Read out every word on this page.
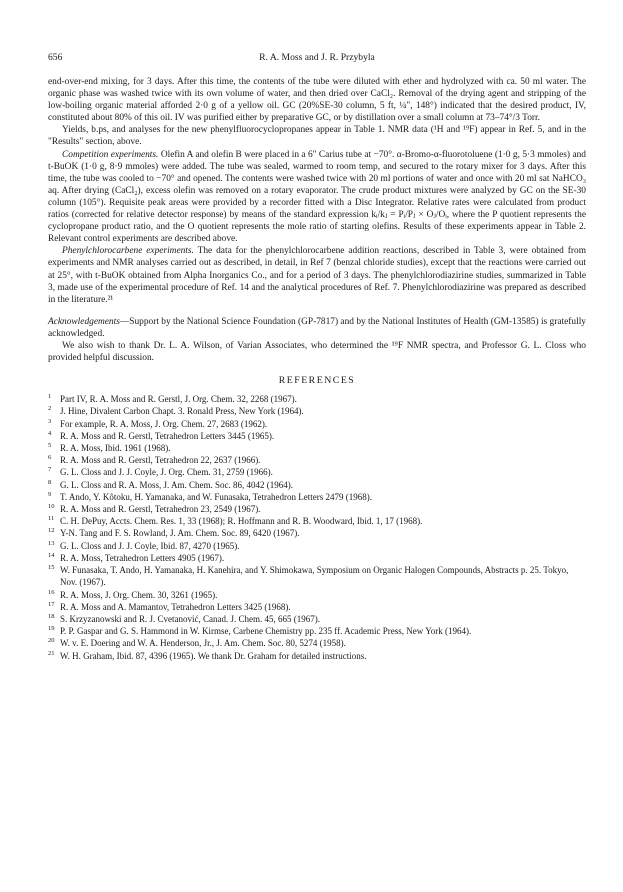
656	R. A. Moss and J. R. Przybyla

end-over-end mixing, for 3 days. After this time, the contents of the tube were diluted with ether and hydrolyzed with ca. 50 ml water. The organic phase was washed twice with its own volume of water, and then dried over CaCl₂. Removal of the drying agent and stripping of the low-boiling organic material afforded 2·0 g of a yellow oil. GC (20%SE-30 column, 5 ft, ¼", 148°) indicated that the desired product, IV, constituted about 80% of this oil. IV was purified either by preparative GC, or by distillation over a small column at 73–74°/3 Torr.

Yields, b.ps, and analyses for the new phenylfluorocyclopropanes appear in Table 1. NMR data (¹H and ¹⁹F) appear in Ref. 5, and in the "Results" section, above.

Competition experiments. Olefin A and olefin B were placed in a 6" Carius tube at −70°. α-Bromo-α-fluorotoluene (1·0 g, 5·3 mmoles) and t-BuOK (1·0 g, 8·9 mmoles) were added. The tube was sealed, warmed to room temp, and secured to the rotary mixer for 3 days. After this time, the tube was cooled to −70° and opened. The contents were washed twice with 20 ml portions of water and once with 20 ml sat NaHCO₃ aq. After drying (CaCl₂), excess olefin was removed on a rotary evaporator. The crude product mixtures were analyzed by GC on the SE-30 column (105°). Requisite peak areas were provided by a recorder fitted with a Disc Integrator. Relative rates were calculated from product ratios (corrected for relative detector response) by means of the standard expression kᵢ/kⱼ = Pᵢ/Pⱼ × Oⱼ/Oᵢ, where the P quotient represents the cyclopropane product ratio, and the O quotient represents the mole ratio of starting olefins. Results of these experiments appear in Table 2. Relevant control experiments are described above.

Phenylchlorocarbene experiments. The data for the phenylchlorocarbene addition reactions, described in Table 3, were obtained from experiments and NMR analyses carried out as described, in detail, in Ref 7 (benzal chloride studies), except that the reactions were carried out at 25°, with t-BuOK obtained from Alpha Inorganics Co., and for a period of 3 days. The phenylchlorodiazirine studies, summarized in Table 3, made use of the experimental procedure of Ref. 14 and the analytical procedures of Ref. 7. Phenylchlorodiazirine was prepared as described in the literature.²¹

Acknowledgements—Support by the National Science Foundation (GP-7817) and by the National Institutes of Health (GM-13585) is gratefully acknowledged.

We also wish to thank Dr. L. A. Wilson, of Varian Associates, who determined the ¹⁹F NMR spectra, and Professor G. L. Closs who provided helpful discussion.

REFERENCES
1 Part IV, R. A. Moss and R. Gerstl, J. Org. Chem. 32, 2268 (1967).
2 J. Hine, Divalent Carbon Chapt. 3. Ronald Press, New York (1964).
3 For example, R. A. Moss, J. Org. Chem. 27, 2683 (1962).
4 R. A. Moss and R. Gerstl, Tetrahedron Letters 3445 (1965).
5 R. A. Moss, Ibid. 1961 (1968).
6 R. A. Moss and R. Gerstl, Tetrahedron 22, 2637 (1966).
7 G. L. Closs and J. J. Coyle, J. Org. Chem. 31, 2759 (1966).
8 G. L. Closs and R. A. Moss, J. Am. Chem. Soc. 86, 4042 (1964).
9 T. Ando, Y. Kôtoku, H. Yamanaka, and W. Funasaka, Tetrahedron Letters 2479 (1968).
10 R. A. Moss and R. Gerstl, Tetrahedron 23, 2549 (1967).
11 C. H. DePuy, Accts. Chem. Res. 1, 33 (1968); R. Hoffmann and R. B. Woodward, Ibid. 1, 17 (1968).
12 Y-N. Tang and F. S. Rowland, J. Am. Chem. Soc. 89, 6420 (1967).
13 G. L. Closs and J. J. Coyle, Ibid. 87, 4270 (1965).
14 R. A. Moss, Tetrahedron Letters 4905 (1967).
15 W. Funasaka, T. Ando, H. Yamanaka, H. Kanehira, and Y. Shimokawa, Symposium on Organic Halogen Compounds, Abstracts p. 25. Tokyo, Nov. (1967).
16 R. A. Moss, J. Org. Chem. 30, 3261 (1965).
17 R. A. Moss and A. Mamantov, Tetrahedron Letters 3425 (1968).
18 S. Krzyzanowski and R. J. Cvetanović, Canad. J. Chem. 45, 665 (1967).
19 P. P. Gaspar and G. S. Hammond in W. Kirmse, Carbene Chemistry pp. 235 ff. Academic Press, New York (1964).
20 W. v. E. Doering and W. A. Henderson, Jr., J. Am. Chem. Soc. 80, 5274 (1958).
21 W. H. Graham, Ibid. 87, 4396 (1965). We thank Dr. Graham for detailed instructions.
